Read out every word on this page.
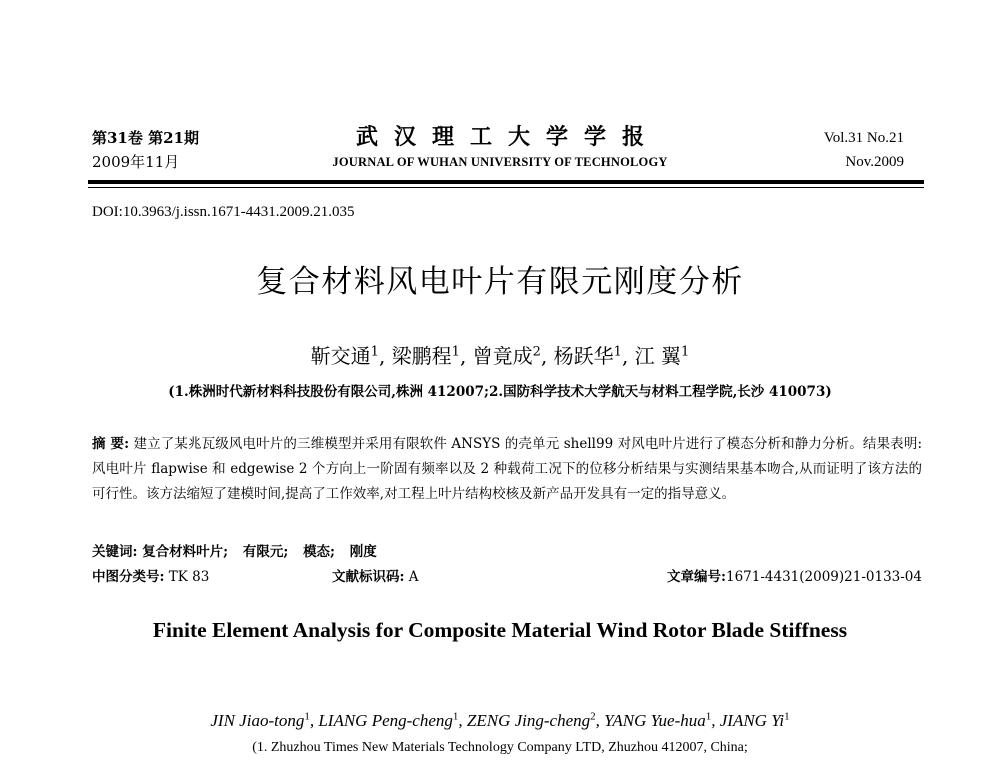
第31卷 第21期
2009年11月
武汉理工大学学报
JOURNAL OF WUHAN UNIVERSITY OF TECHNOLOGY
Vol.31 No.21
Nov.2009
DOI:10.3963/j.issn.1671-4431.2009.21.035
复合材料风电叶片有限元刚度分析
靳交通$^1$, 梁鹏程$^1$, 曾竟成$^2$, 杨跃华$^1$, 江 翼$^1$
(1.株洲时代新材料科技股份有限公司,株洲 412007;2.国防科学技术大学航天与材料工程学院,长沙 410073)
摘 要: 建立了某兆瓦级风电叶片的三维模型并采用有限软件 ANSYS 的壳单元 shell99 对风电叶片进行了模态分析和静力分析。结果表明:风电叶片 flapwise 和 edgewise 2 个方向上一阶固有频率以及 2 种载荷工况下的位移分析结果与实测结果基本吻合,从而证明了该方法的可行性。该方法缩短了建模时间,提高了工作效率,对工程上叶片结构校核及新产品开发具有一定的指导意义。
关键词: 复合材料叶片; 有限元; 模态; 刚度
中图分类号: TK 83	文献标识码: A	文章编号:1671-4431(2009)21-0133-04
Finite Element Analysis for Composite Material Wind Rotor Blade Stiffness
JIN Jiao-tong$^1$, LIANG Peng-cheng$^1$, ZENG Jing-cheng$^2$, YANG Yue-hua$^1$, JIANG Yi$^1$
(1. Zhuzhou Times New Materials Technology Company LTD, Zhuzhou 412007, China;
